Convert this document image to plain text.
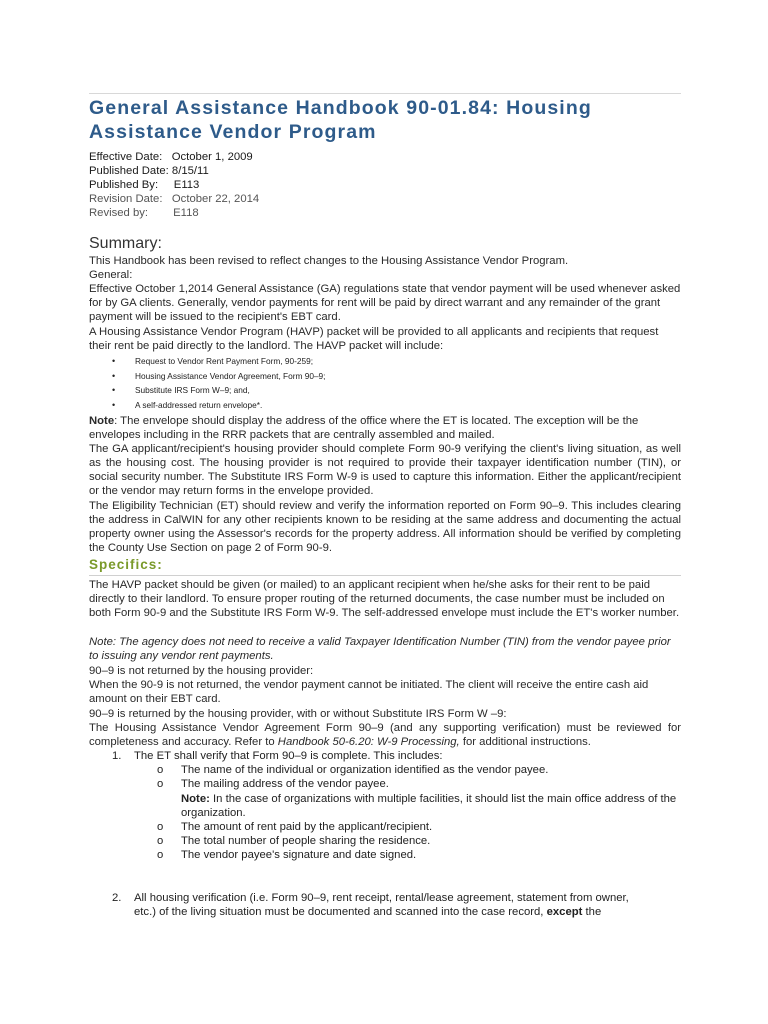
General Assistance Handbook 90-01.84: Housing Assistance Vendor Program
Effective Date: October 1, 2009
Published Date: 8/15/11
Published By: E113
Revision Date: October 22, 2014
Revised by: E118
Summary:
This Handbook has been revised to reflect changes to the Housing Assistance Vendor Program.
General:
Effective October 1,2014 General Assistance (GA) regulations state that vendor payment will be used whenever asked for by GA clients. Generally, vendor payments for rent will be paid by direct warrant and any remainder of the grant payment will be issued to the recipient's EBT card.
A Housing Assistance Vendor Program (HAVP) packet will be provided to all applicants and recipients that request their rent be paid directly to the landlord. The HAVP packet will include:
• Request to Vendor Rent Payment Form, 90-259;
• Housing Assistance Vendor Agreement, Form 90–9;
• Substitute IRS Form W–9; and,
• A self-addressed return envelope*.
Note: The envelope should display the address of the office where the ET is located. The exception will be the envelopes including in the RRR packets that are centrally assembled and mailed.
The GA applicant/recipient's housing provider should complete Form 90-9 verifying the client's living situation, as well as the housing cost. The housing provider is not required to provide their taxpayer identification number (TIN), or social security number. The Substitute IRS Form W-9 is used to capture this information. Either the applicant/recipient or the vendor may return forms in the envelope provided.
The Eligibility Technician (ET) should review and verify the information reported on Form 90–9. This includes clearing the address in CalWIN for any other recipients known to be residing at the same address and documenting the actual property owner using the Assessor's records for the property address. All information should be verified by completing the County Use Section on page 2 of Form 90-9.
Specifics:
The HAVP packet should be given (or mailed) to an applicant recipient when he/she asks for their rent to be paid directly to their landlord. To ensure proper routing of the returned documents, the case number must be included on both Form 90-9 and the Substitute IRS Form W-9. The self-addressed envelope must include the ET's worker number.
Note: The agency does not need to receive a valid Taxpayer Identification Number (TIN) from the vendor payee prior to issuing any vendor rent payments.
90–9 is not returned by the housing provider:
When the 90-9 is not returned, the vendor payment cannot be initiated. The client will receive the entire cash aid amount on their EBT card.
90–9 is returned by the housing provider, with or without Substitute IRS Form W –9:
The Housing Assistance Vendor Agreement Form 90–9 (and any supporting verification) must be reviewed for completeness and accuracy. Refer to Handbook 50-6.20: W-9 Processing, for additional instructions.
1. The ET shall verify that Form 90–9 is complete. This includes:
o The name of the individual or organization identified as the vendor payee.
o The mailing address of the vendor payee.
Note: In the case of organizations with multiple facilities, it should list the main office address of the organization.
o The amount of rent paid by the applicant/recipient.
o The total number of people sharing the residence.
o The vendor payee's signature and date signed.
2. All housing verification (i.e. Form 90–9, rent receipt, rental/lease agreement, statement from owner, etc.) of the living situation must be documented and scanned into the case record, except the
